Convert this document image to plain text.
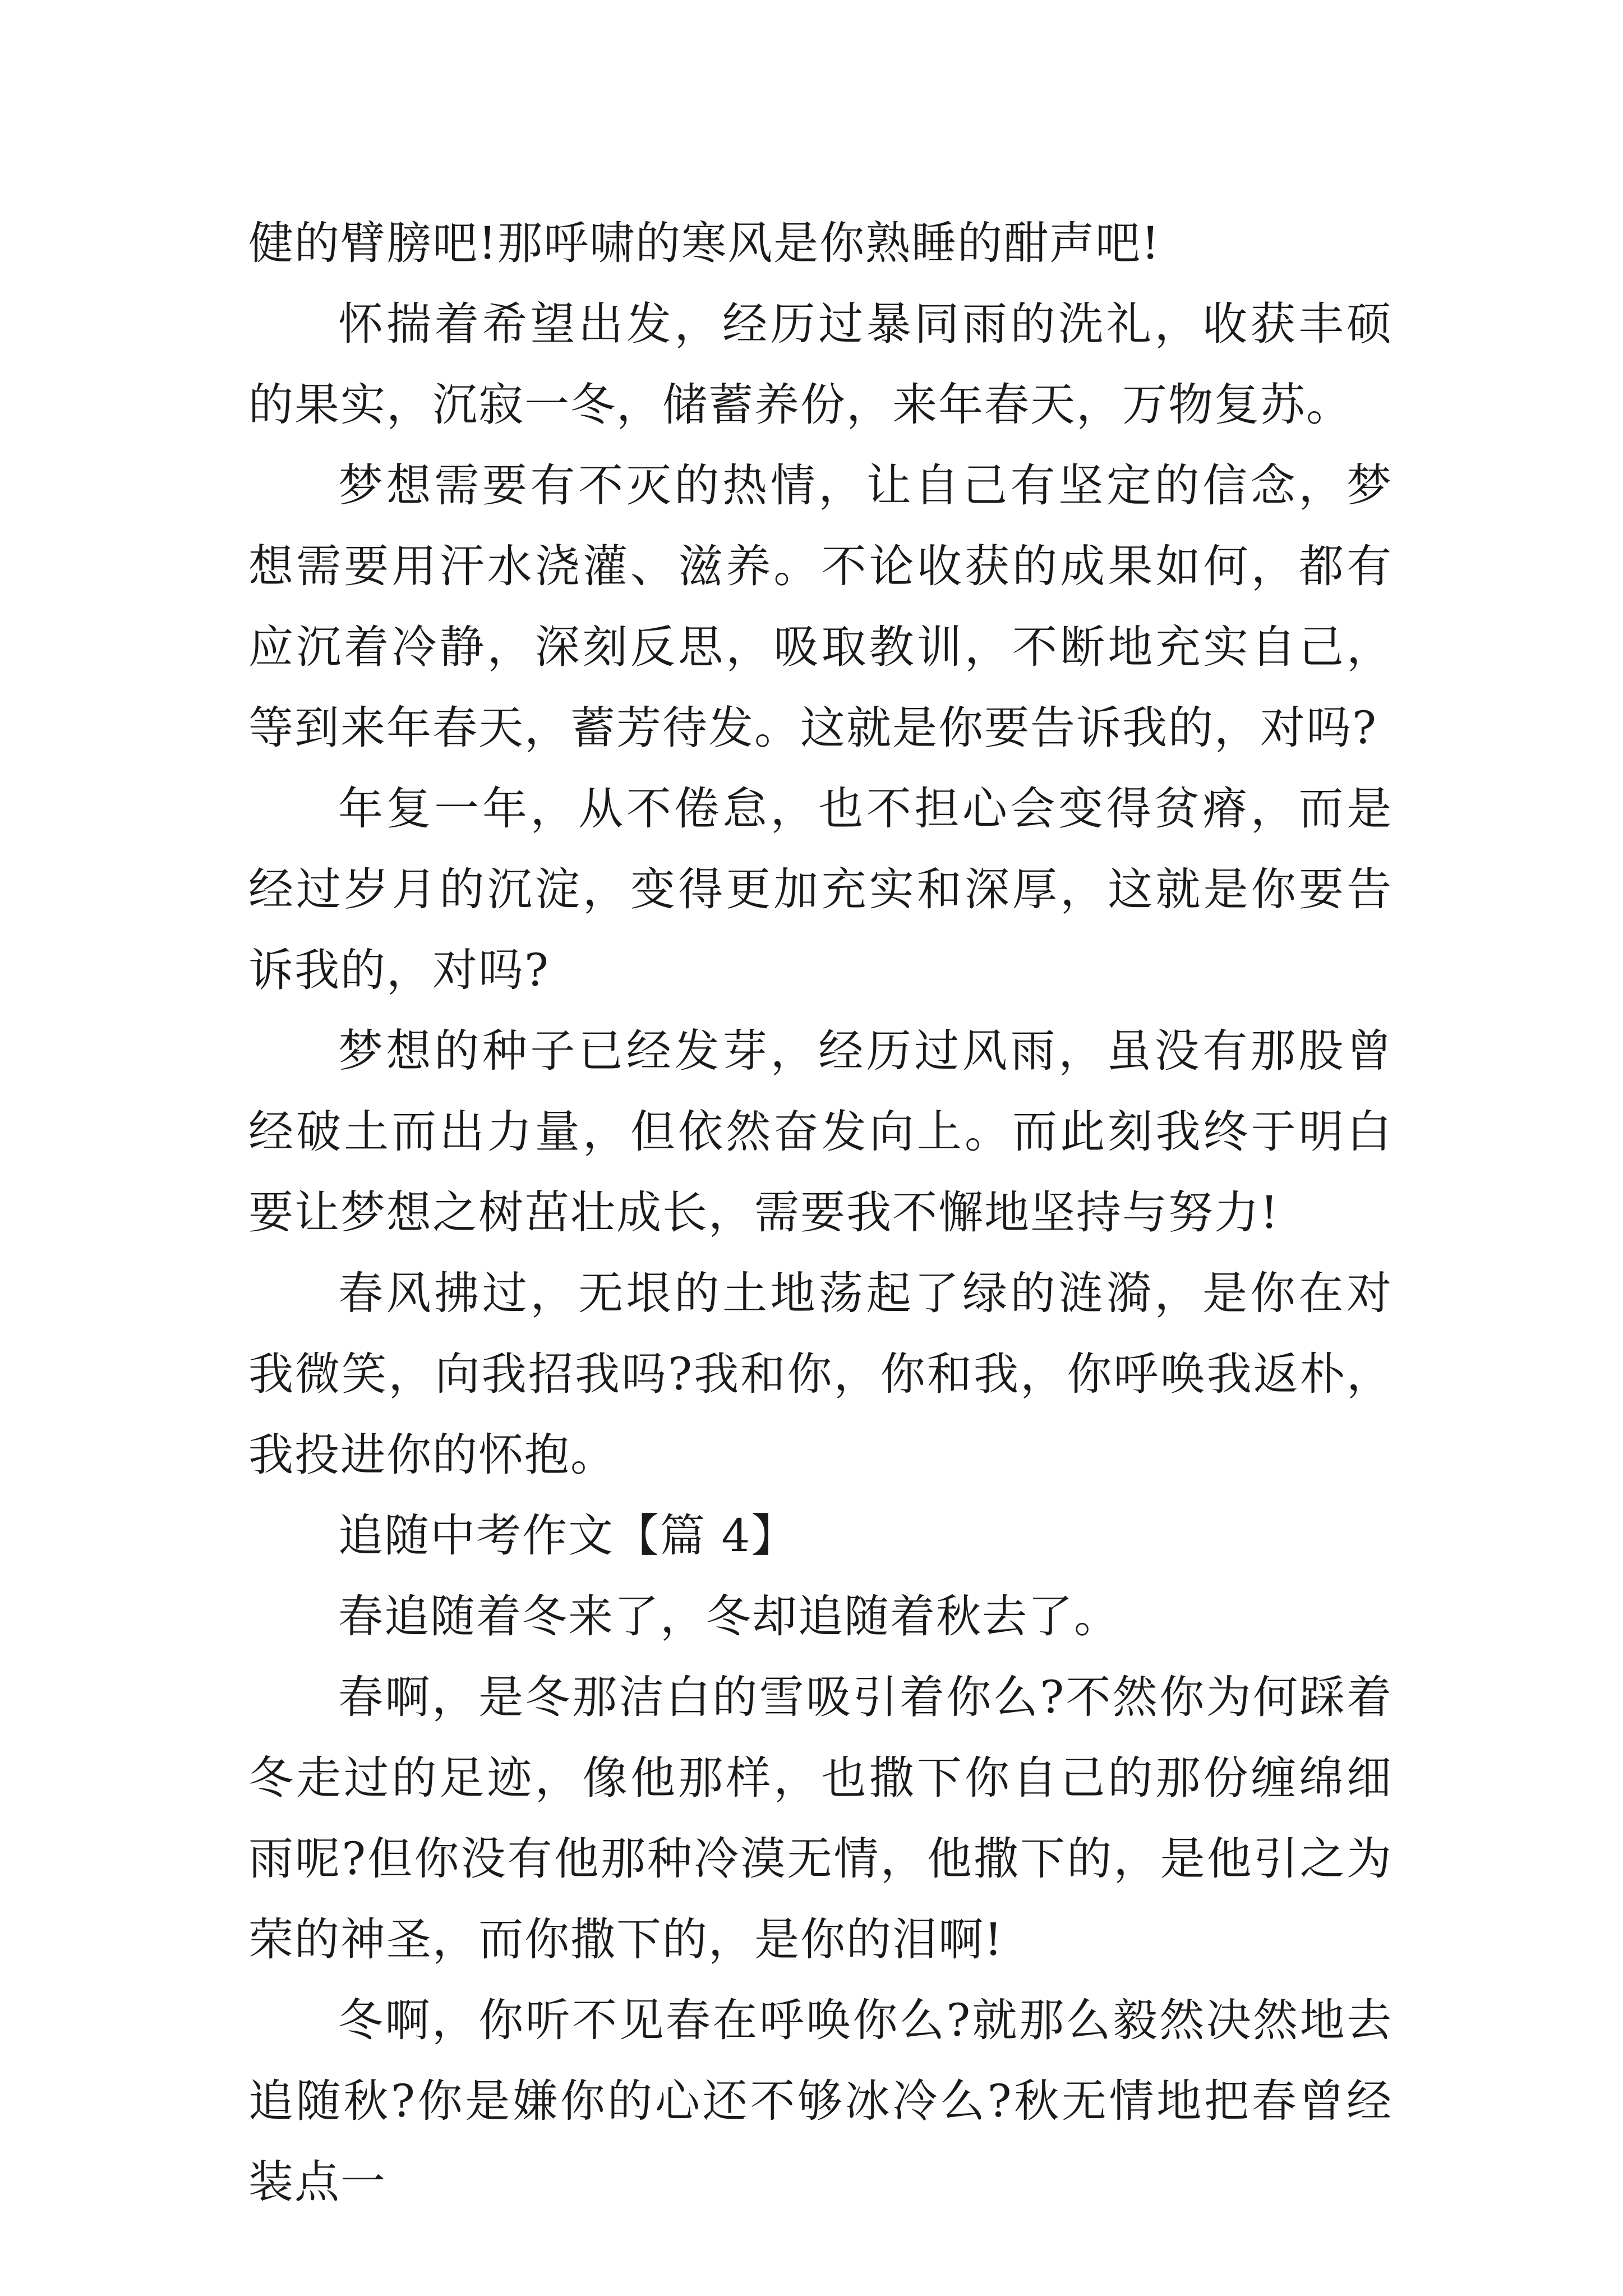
健的臂膀吧!那呼啸的寒风是你熟睡的酣声吧!

怀揣着希望出发，经历过暴同雨的洗礼，收获丰硕的果实，沉寂一冬，储蓄养份，来年春天，万物复苏。

梦想需要有不灭的热情，让自己有坚定的信念，梦想需要用汗水浇灌、滋养。不论收获的成果如何，都有应沉着冷静，深刻反思，吸取教训，不断地充实自己，等到来年春天，蓄芳待发。这就是你要告诉我的，对吗?

年复一年，从不倦怠，也不担心会变得贫瘠，而是经过岁月的沉淀，变得更加充实和深厚，这就是你要告诉我的，对吗?

梦想的种子已经发芽，经历过风雨，虽没有那股曾经破土而出力量，但依然奋发向上。而此刻我终于明白要让梦想之树茁壮成长，需要我不懈地坚持与努力!

春风拂过，无垠的土地荡起了绿的涟漪，是你在对我微笑，向我招我吗?我和你，你和我，你呼唤我返朴，我投进你的怀抱。

追随中考作文【篇 4】

春追随着冬来了，冬却追随着秋去了。

春啊，是冬那洁白的雪吸引着你么?不然你为何踩着冬走过的足迹，像他那样，也撒下你自己的那份缠绵细雨呢?但你没有他那种冷漠无情，他撒下的，是他引之为荣的神圣，而你撒下的，是你的泪啊!

冬啊，你听不见春在呼唤你么?就那么毅然决然地去追随秋?你是嫌你的心还不够冰冷么?秋无情地把春曾经装点一
